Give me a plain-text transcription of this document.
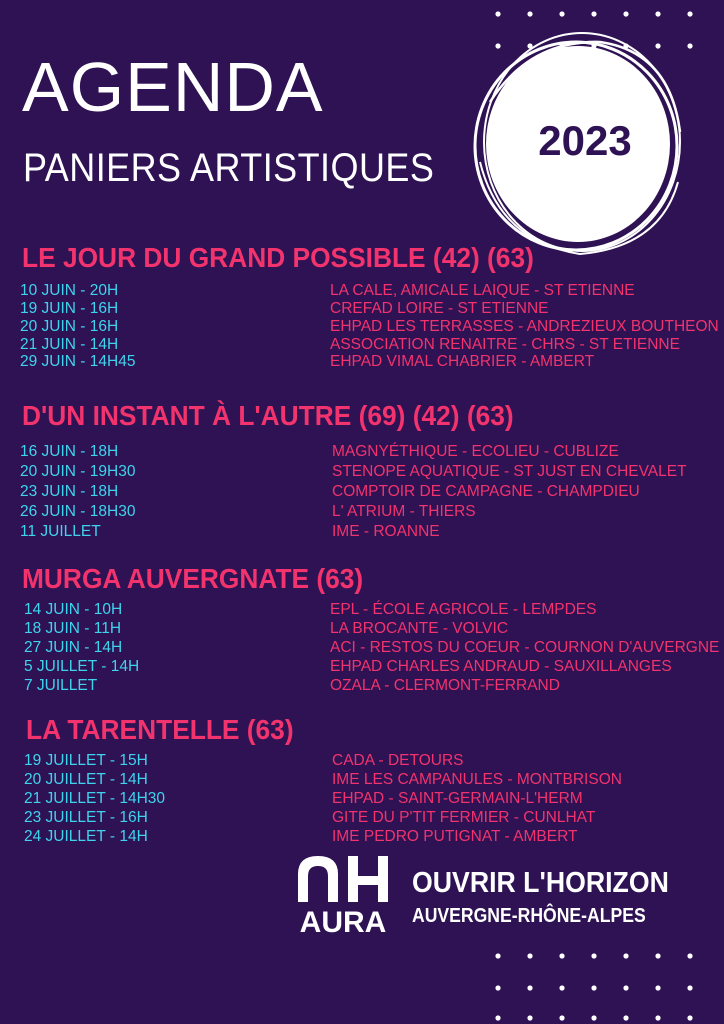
AGENDA
PANIERS ARTISTIQUES
2023
LE JOUR DU GRAND POSSIBLE (42) (63)
10 JUIN - 20H	LA CALE, AMICALE LAIQUE - ST ETIENNE
19 JUIN - 16H	CREFAD LOIRE - ST ETIENNE
20 JUIN - 16H	EHPAD LES TERRASSES - ANDREZIEUX BOUTHEON
21 JUIN - 14H	ASSOCIATION RENAITRE - CHRS - ST ETIENNE
29 JUIN - 14H45	EHPAD VIMAL CHABRIER - AMBERT
D'UN INSTANT À L'AUTRE (69) (42) (63)
16 JUIN - 18H	MAGNYÉTHIQUE - ECOLIEU - CUBLIZE
20 JUIN - 19H30	STENOPE AQUATIQUE - ST JUST EN CHEVALET
23 JUIN - 18H	COMPTOIR DE CAMPAGNE - CHAMPDIEU
26 JUIN - 18H30	L' ATRIUM - THIERS
11 JUILLET	IME - ROANNE
MURGA AUVERGNATE (63)
14 JUIN - 10H	EPL - ÉCOLE AGRICOLE - LEMPDES
18 JUIN - 11H	LA BROCANTE - VOLVIC
27 JUIN - 14H	ACI - RESTOS DU COEUR - COURNON D'AUVERGNE
5 JUILLET - 14H	EHPAD CHARLES ANDRAUD - SAUXILLANGES
7 JUILLET	OZALA - CLERMONT-FERRAND
LA TARENTELLE (63)
19 JUILLET - 15H	CADA - DETOURS
20 JUILLET - 14H	IME LES CAMPANULES - MONTBRISON
21 JUILLET - 14H30	EHPAD - SAINT-GERMAIN-L'HERM
23 JUILLET - 16H	GITE DU P'TIT FERMIER - CUNLHAT
24 JUILLET - 14H	IME PEDRO PUTIGNAT - AMBERT
AURA
OUVRIR L'HORIZON
AUVERGNE-RHÔNE-ALPES
